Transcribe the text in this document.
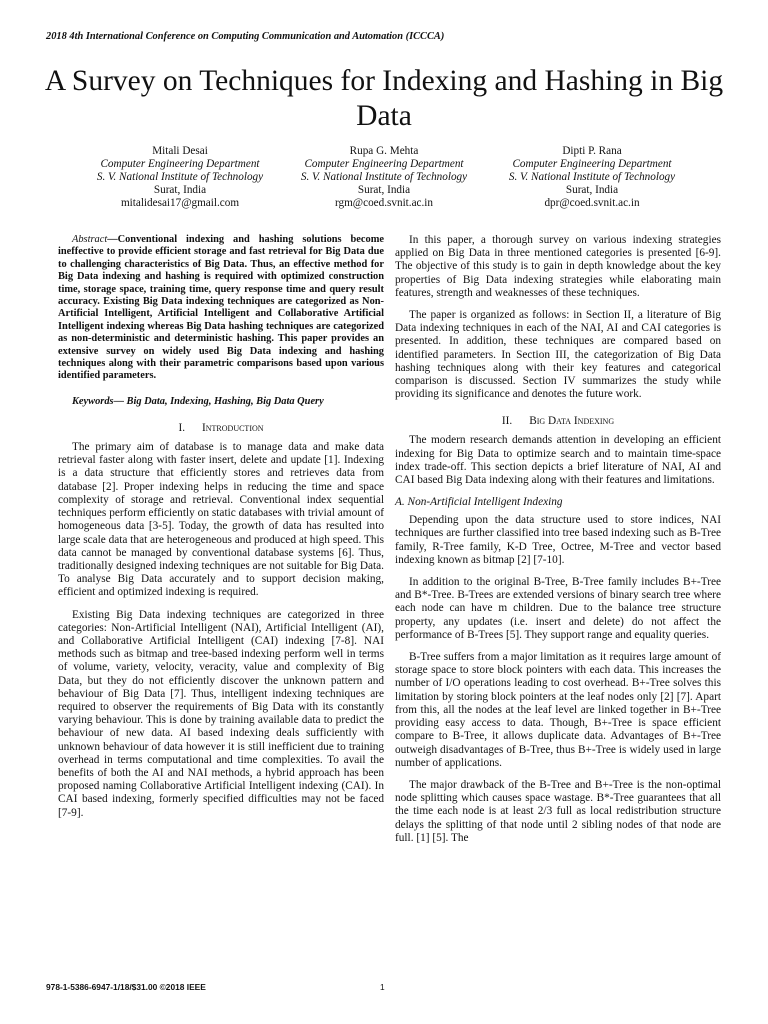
2018 4th International Conference on Computing Communication and Automation (ICCCA)
A Survey on Techniques for Indexing and Hashing in Big Data
Mitali Desai
Computer Engineering Department
S. V. National Institute of Technology
Surat, India
mitalidesai17@gmail.com
Rupa G. Mehta
Computer Engineering Department
S. V. National Institute of Technology
Surat, India
rgm@coed.svnit.ac.in
Dipti P. Rana
Computer Engineering Department
S. V. National Institute of Technology
Surat, India
dpr@coed.svnit.ac.in

Abstract—Conventional indexing and hashing solutions become ineffective to provide efficient storage and fast retrieval for Big Data due to challenging characteristics of Big Data. Thus, an effective method for Big Data indexing and hashing is required with optimized construction time, storage space, training time, query response time and query result accuracy. Existing Big Data indexing techniques are categorized as Non-Artificial Intelligent, Artificial Intelligent and Collaborative Artificial Intelligent indexing whereas Big Data hashing techniques are categorized as non-deterministic and deterministic hashing. This paper provides an extensive survey on widely used Big Data indexing and hashing techniques along with their parametric comparisons based upon various identified parameters.

Keywords— Big Data, Indexing, Hashing, Big Data Query

I. Introduction

The primary aim of database is to manage data and make data retrieval faster along with faster insert, delete and update [1]. Indexing is a data structure that efficiently stores and retrieves data from database [2]. Proper indexing helps in reducing the time and space complexity of storage and retrieval. Conventional index sequential techniques perform efficiently on static databases with trivial amount of homogeneous data [3-5]. Today, the growth of data has resulted into large scale data that are heterogeneous and produced at high speed. This data cannot be managed by conventional database systems [6]. Thus, traditionally designed indexing techniques are not suitable for Big Data. To analyse Big Data accurately and to support decision making, efficient and optimized indexing is required.

Existing Big Data indexing techniques are categorized in three categories: Non-Artificial Intelligent (NAI), Artificial Intelligent (AI), and Collaborative Artificial Intelligent (CAI) indexing [7-8]. NAI methods such as bitmap and tree-based indexing perform well in terms of volume, variety, velocity, veracity, value and complexity of Big Data, but they do not efficiently discover the unknown pattern and behaviour of Big Data [7]. Thus, intelligent indexing techniques are required to observer the requirements of Big Data with its constantly varying behaviour. This is done by training available data to predict the behaviour of new data. AI based indexing deals sufficiently with unknown behaviour of data however it is still inefficient due to training overhead in terms computational and time complexities. To avail the benefits of both the AI and NAI methods, a hybrid approach has been proposed naming Collaborative Artificial Intelligent indexing (CAI). In CAI based indexing, formerly specified difficulties may not be faced [7-9].

In this paper, a thorough survey on various indexing strategies applied on Big Data in three mentioned categories is presented [6-9]. The objective of this study is to gain in depth knowledge about the key properties of Big Data indexing strategies while elaborating main features, strength and weaknesses of these techniques.

The paper is organized as follows: in Section II, a literature of Big Data indexing techniques in each of the NAI, AI and CAI categories is presented. In addition, these techniques are compared based on identified parameters. In Section III, the categorization of Big Data hashing techniques along with their key features and categorical comparison is discussed. Section IV summarizes the study while providing its significance and denotes the future work.

II. Big Data Indexing

The modern research demands attention in developing an efficient indexing for Big Data to optimize search and to maintain time-space index trade-off. This section depicts a brief literature of NAI, AI and CAI based Big Data indexing along with their features and limitations.

A. Non-Artificial Intelligent Indexing

Depending upon the data structure used to store indices, NAI techniques are further classified into tree based indexing such as B-Tree family, R-Tree family, K-D Tree, Octree, M-Tree and vector based indexing known as bitmap [2] [7-10].

In addition to the original B-Tree, B-Tree family includes B+-Tree and B*-Tree. B-Trees are extended versions of binary search tree where each node can have m children. Due to the balance tree structure property, any updates (i.e. insert and delete) do not affect the performance of B-Trees [5]. They support range and equality queries.

B-Tree suffers from a major limitation as it requires large amount of storage space to store block pointers with each data. This increases the number of I/O operations leading to cost overhead. B+-Tree solves this limitation by storing block pointers at the leaf nodes only [2] [7]. Apart from this, all the nodes at the leaf level are linked together in B+-Tree providing easy access to data. Though, B+-Tree is space efficient compare to B-Tree, it allows duplicate data. Advantages of B+-Tree outweigh disadvantages of B-Tree, thus B+-Tree is widely used in large number of applications.

The major drawback of the B-Tree and B+-Tree is the non-optimal node splitting which causes space wastage. B*-Tree guarantees that all the time each node is at least 2/3 full as local redistribution structure delays the splitting of that node until 2 sibling nodes of that node are full. [1] [5]. The

978-1-5386-6947-1/18/$31.00 ©2018 IEEE	1
